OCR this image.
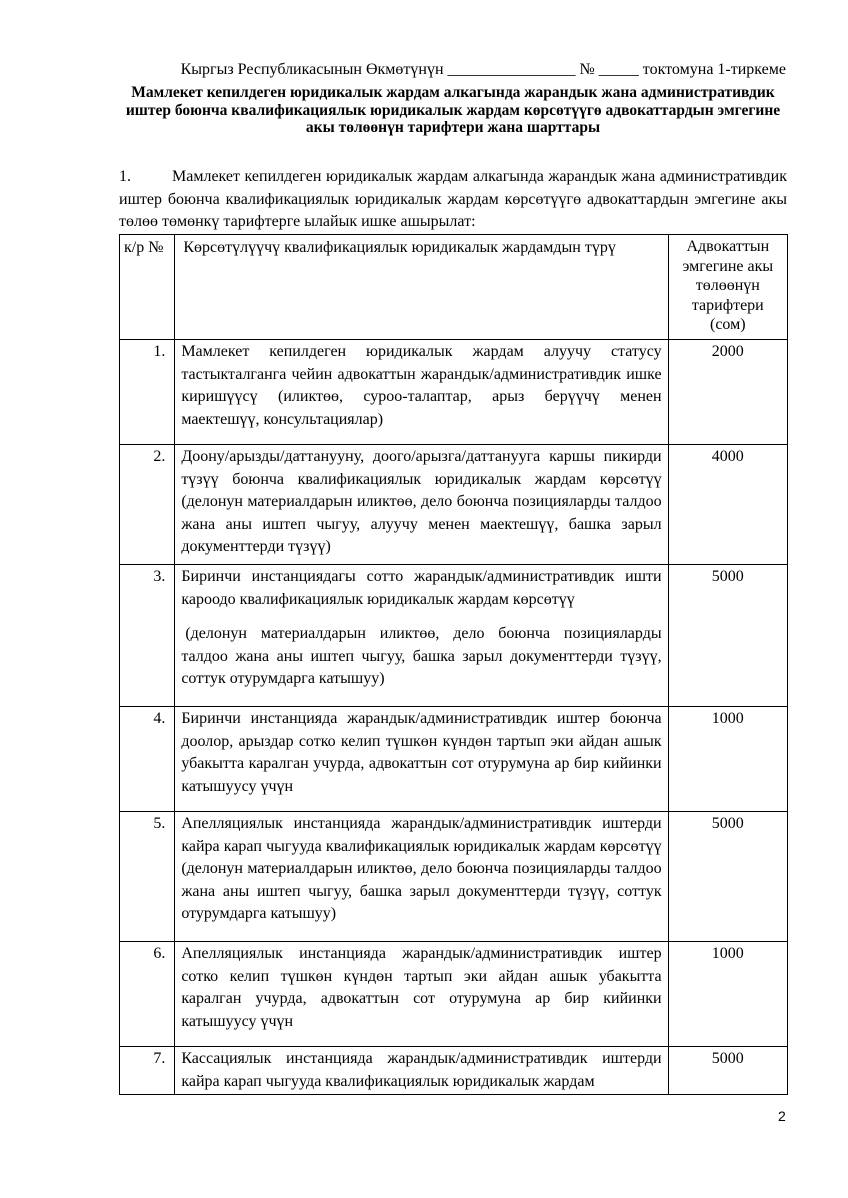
Кыргыз Республикасынын Өкмөтүнүн ________________ № _____ токтомуна 1-тиркеме
Мамлекет кепилдеген юридикалык жардам алкагында жарандык жана административдик
иштер боюнча квалификациялык юридикалык жардам көрсөтүүгө адвокаттардын эмгегине
акы төлөөнүн тарифтери жана шарттары
1.	Мамлекет кепилдеген юридикалык жардам алкагында жарандык жана административдик иштер боюнча квалификациялык юридикалык жардам көрсөтүүгө адвокаттардын эмгегине акы төлөө төмөнкү тарифтерге ылайык ишке ашырылат:

к/р №	Көрсөтүлүүчү квалификациялык юридикалык жардамдын түрү	Адвокаттын эмгегине акы төлөөнүн тарифтери (сом)
1.	Мамлекет кепилдеген юридикалык жардам алуучу статусу тастыкталганга чейин адвокаттын жарандык/административдик ишке киришүүсү (иликтөө, суроо-талаптар, арыз берүүчү менен маектешүү, консультациялар)	2000
2.	Доону/арызды/даттанууну, доого/арызга/даттанууга каршы пикирди түзүү боюнча квалификациялык юридикалык жардам көрсөтүү (делонун материалдарын иликтөө, дело боюнча позицияларды талдоо жана аны иштеп чыгуу, алуучу менен маектешүү, башка зарыл документтерди түзүү)	4000
3.	Биринчи инстанциядагы сотто жарандык/административдик ишти кароодо квалификациялык юридикалык жардам көрсөтүү
(делонун материалдарын иликтөө, дело боюнча позицияларды талдоо жана аны иштеп чыгуу, башка зарыл документтерди түзүү, соттук отурумдарга катышуу)	5000
4.	Биринчи инстанцияда жарандык/административдик иштер боюнча доолор, арыздар сотко келип түшкөн күндөн тартып эки айдан ашык убакытта каралган учурда, адвокаттын сот отурумуна ар бир кийинки катышуусу үчүн	1000
5.	Апелляциялык инстанцияда жарандык/административдик иштерди кайра карап чыгууда квалификациялык юридикалык жардам көрсөтүү (делонун материалдарын иликтөө, дело боюнча позицияларды талдоо жана аны иштеп чыгуу, башка зарыл документтерди түзүү, соттук отурумдарга катышуу)	5000
6.	Апелляциялык инстанцияда жарандык/административдик иштер сотко келип түшкөн күндөн тартып эки айдан ашык убакытта каралган учурда, адвокаттын сот отурумуна ар бир кийинки катышуусу үчүн	1000
7.	Кассациялык инстанцияда жарандык/административдик иштерди кайра карап чыгууда квалификациялык юридикалык жардам	5000
2
